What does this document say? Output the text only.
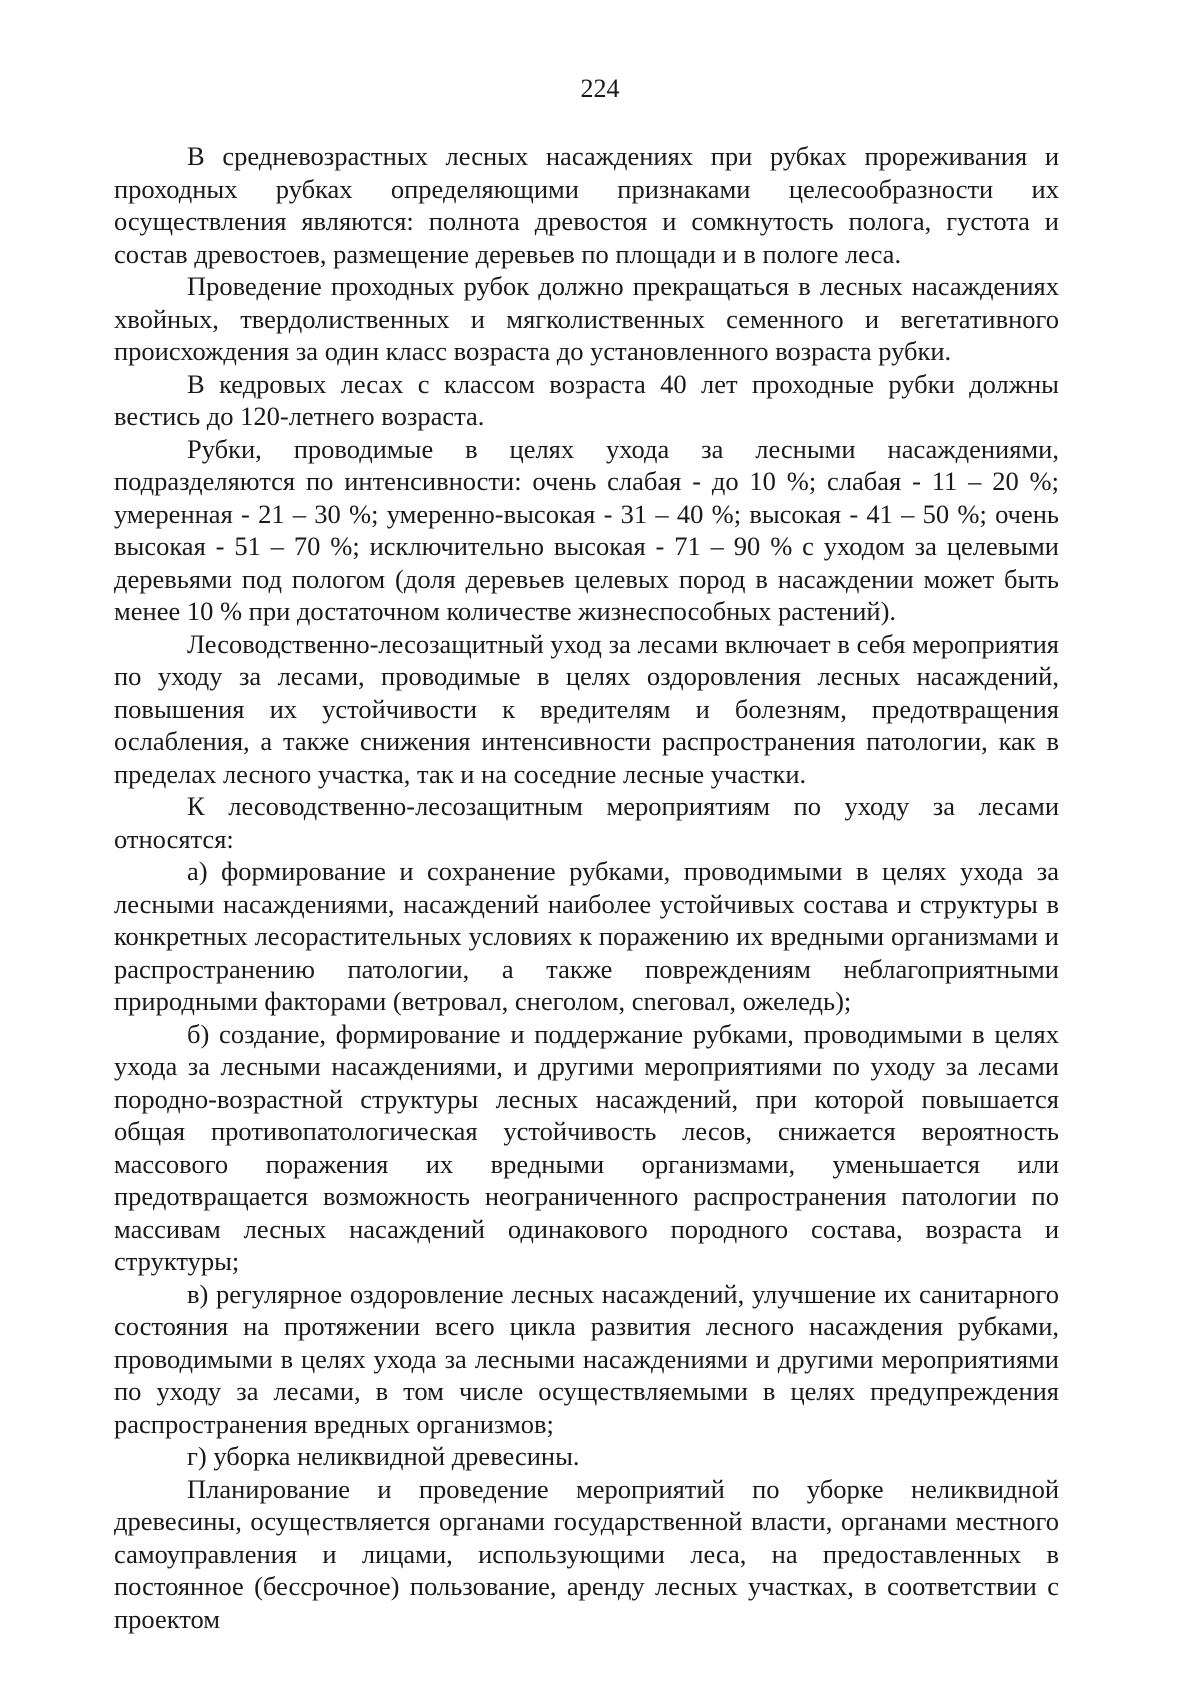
224

В средневозрастных лесных насаждениях при рубках прореживания и проходных рубках определяющими признаками целесообразности их осуществления являются: полнота древостоя и сомкнутость полога, густота и состав древостоев, размещение деревьев по площади и в пологе леса.

Проведение проходных рубок должно прекращаться в лесных насаждениях хвойных, твердолиственных и мягколиственных семенного и вегетативного происхождения за один класс возраста до установленного возраста рубки.

В кедровых лесах с классом возраста 40 лет проходные рубки должны вестись до 120-летнего возраста.

Рубки, проводимые в целях ухода за лесными насаждениями, подразделяются по интенсивности: очень слабая - до 10 %; слабая - 11 – 20 %; умеренная - 21 – 30 %; умеренно-высокая - 31 – 40 %; высокая - 41 – 50 %; очень высокая - 51 – 70 %; исключительно высокая - 71 – 90 % с уходом за целевыми деревьями под пологом (доля деревьев целевых пород в насаждении может быть менее 10 % при достаточном количестве жизнеспособных растений).

Лесоводственно-лесозащитный уход за лесами включает в себя мероприятия по уходу за лесами, проводимые в целях оздоровления лесных насаждений, повышения их устойчивости к вредителям и болезням, предотвращения ослабления, а также снижения интенсивности распространения патологии, как в пределах лесного участка, так и на соседние лесные участки.

К лесоводственно-лесозащитным мероприятиям по уходу за лесами относятся:

а) формирование и сохранение рубками, проводимыми в целях ухода за лесными насаждениями, насаждений наиболее устойчивых состава и структуры в конкретных лесорастительных условиях к поражению их вредными организмами и распространению патологии, а также повреждениям неблагоприятными природными факторами (ветровал, снеголом, сneговал, ожеледь);

б) создание, формирование и поддержание рубками, проводимыми в целях ухода за лесными насаждениями, и другими мероприятиями по уходу за лесами породно-возрастной структуры лесных насаждений, при которой повышается общая противопатологическая устойчивость лесов, снижается вероятность массового поражения их вредными организмами, уменьшается или предотвращается возможность неограниченного распространения патологии по массивам лесных насаждений одинакового породного состава, возраста и структуры;

в) регулярное оздоровление лесных насаждений, улучшение их санитарного состояния на протяжении всего цикла развития лесного насаждения рубками, проводимыми в целях ухода за лесными насаждениями и другими мероприятиями по уходу за лесами, в том числе осуществляемыми в целях предупреждения распространения вредных организмов;

г) уборка неликвидной древесины.

Планирование и проведение мероприятий по уборке неликвидной древесины, осуществляется органами государственной власти, органами местного самоуправления и лицами, использующими леса, на предоставленных в постоянное (бессрочное) пользование, аренду лесных участках, в соответствии с проектом
